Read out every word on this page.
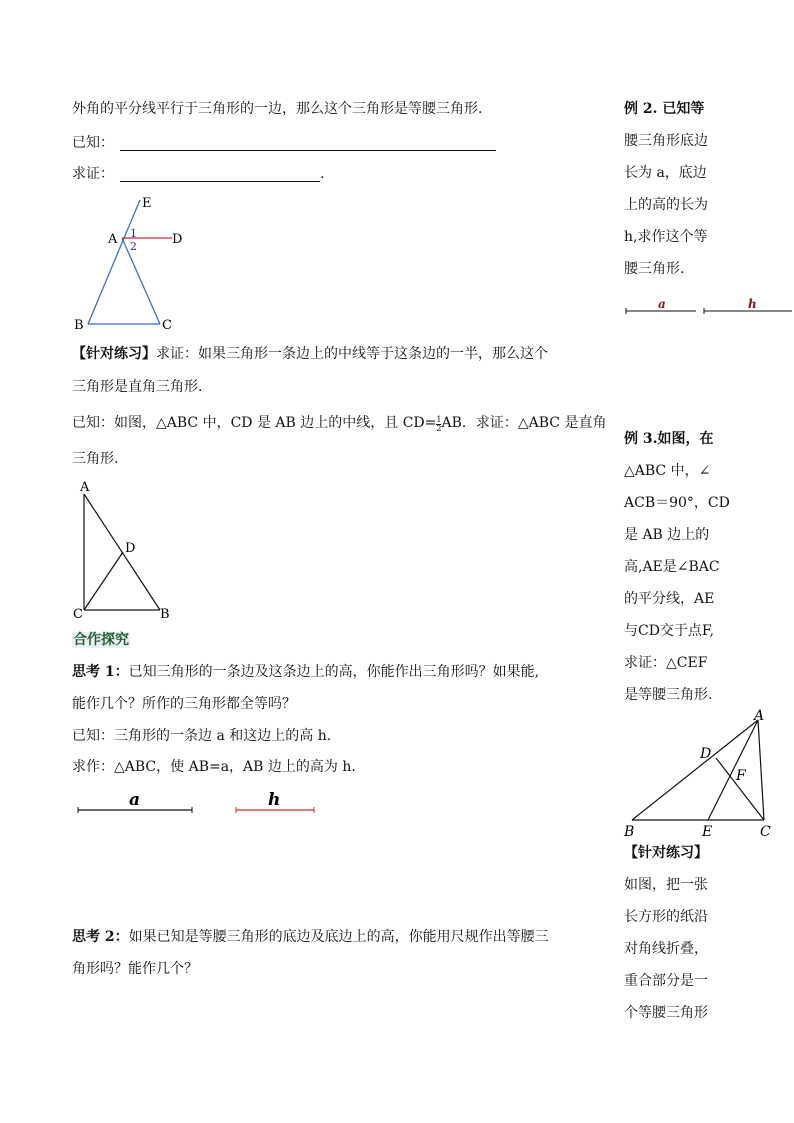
外角的平分线平行于三角形的一边，那么这个三角形是等腰三角形.
已知：
求证：	.
E
A	D
1
2
B	C
【针对练习】求证：如果三角形一条边上的中线等于这条边的一半，那么这个
三角形是直角三角形.
已知：如图，△ABC 中，CD 是 AB 边上的中线，且 $CD= \frac{1}{2}$ AB．求证：△ABC 是直角
三角形.
A
D
C	B
合作探究
思考 1：已知三角形的一条边及这条边上的高，你能作出三角形吗？如果能,
能作几个？所作的三角形都全等吗？
已知：三角形的一条边 a 和这边上的高 h.
求作：△ABC，使 AB=a，AB 边上的高为 h.
a	h
思考 2：如果已知是等腰三角形的底边及底边上的高，你能用尺规作出等腰三
角形吗？能作几个？
例 2. 已知等
腰三角形底边
长为 a，底边
上的高的长为
h,求作这个等
腰三角形.
a	h
例 3.如图，在
△ABC 中，∠
ACB＝90°，CD
是 AB 边上的
高,AE是∠BAC
的平分线，AE
与CD交于点F,
求证：△CEF
是等腰三角形.
A
D
F
B	E	C
【针对练习】
如图，把一张
长方形的纸沿
对角线折叠，
重合部分是一
个等腰三角形
